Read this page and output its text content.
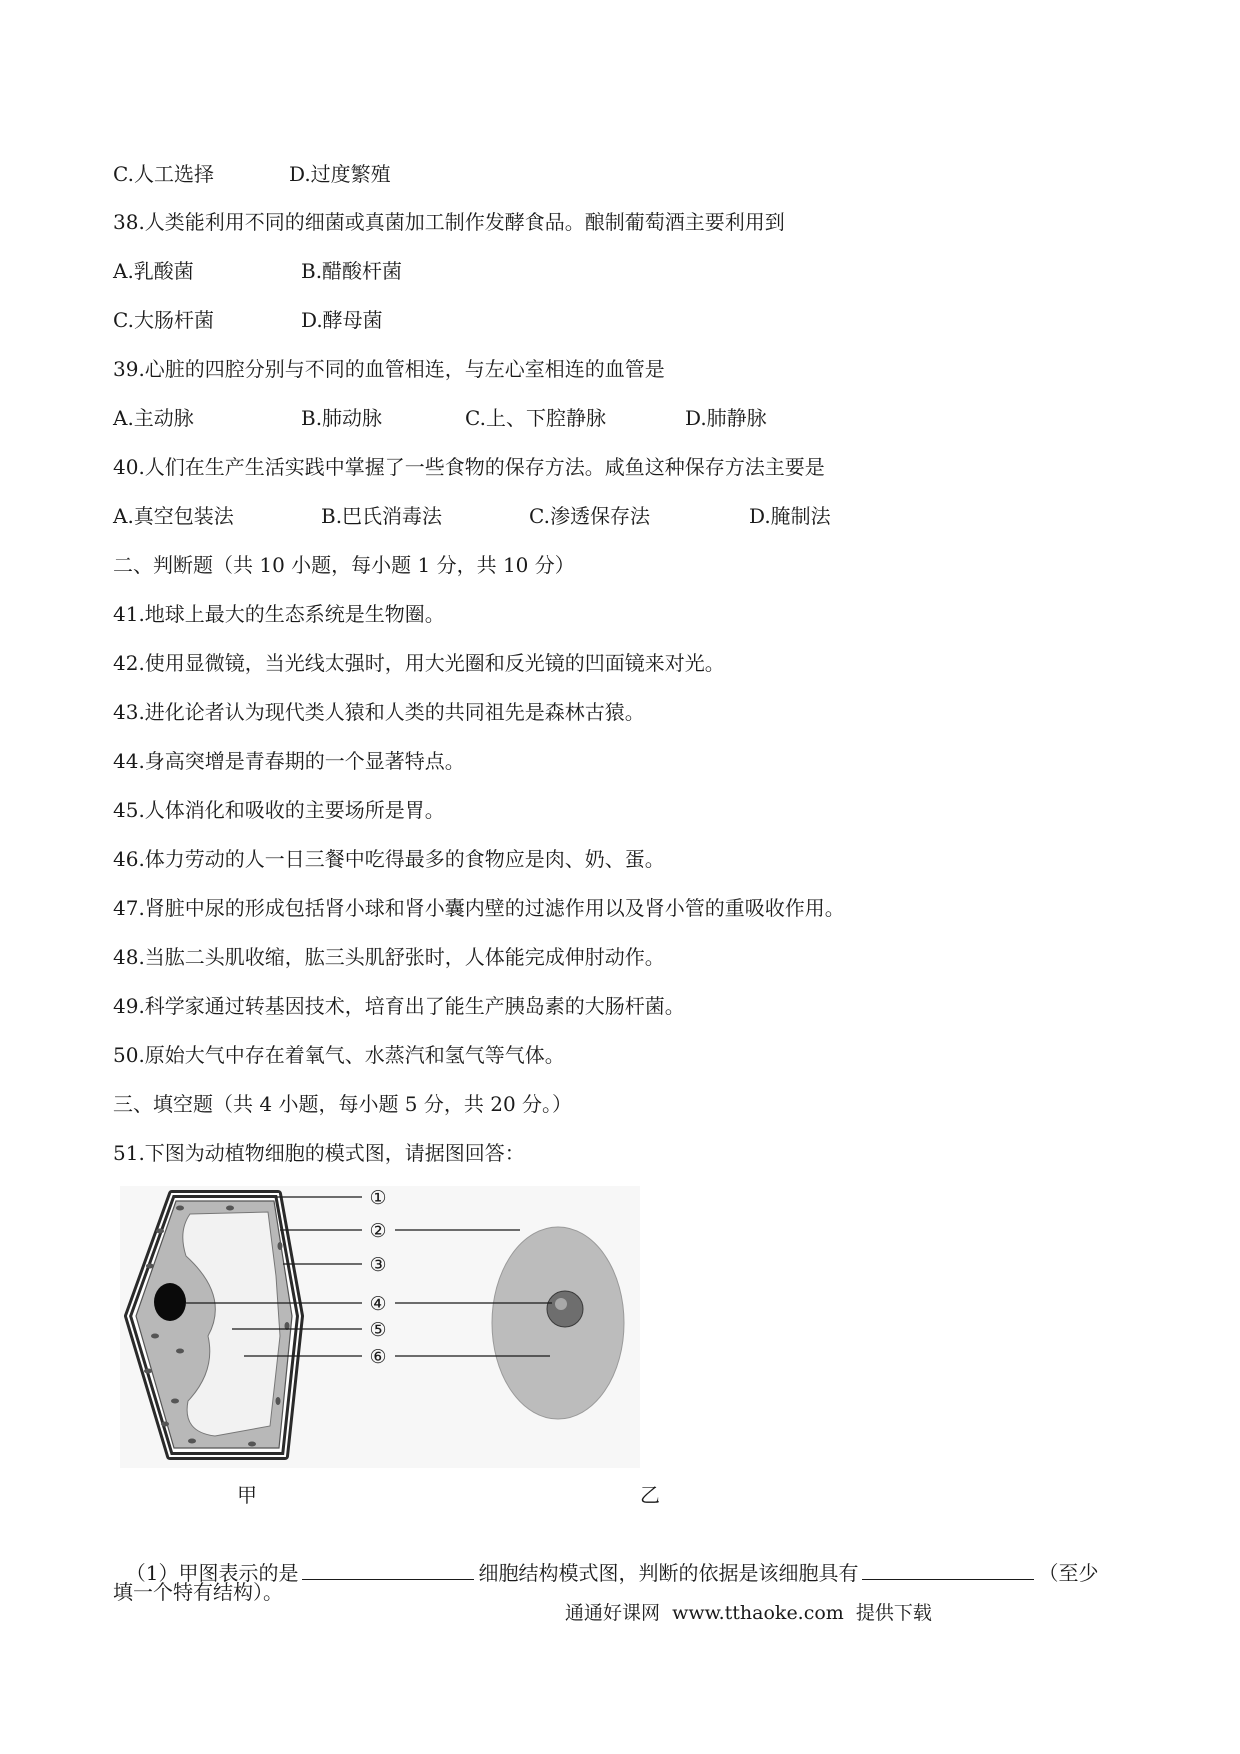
C.人工选择

	D.过度繁殖

38.人类能利用不同的细菌或真菌加工制作发酵食品。酿制葡萄酒主要利用到

A.乳酸菌

	B.醋酸杆菌

C.大肠杆菌

	D.酵母菌

39.心脏的四腔分别与不同的血管相连，与左心室相连的血管是

A.主动脉

	B.肺动脉

	C.上、下腔静脉

	D.肺静脉

40.人们在生产生活实践中掌握了一些食物的保存方法。咸鱼这种保存方法主要是

A.真空包装法

	B.巴氏消毒法

	C.渗透保存法

	D.腌制法

二、判断题（共 10 小题，每小题 1 分，共 10 分）
41.地球上最大的生态系统是生物圈。
42.使用显微镜，当光线太强时，用大光圈和反光镜的凹面镜来对光。
43.进化论者认为现代类人猿和人类的共同祖先是森林古猿。
44.身高突增是青春期的一个显著特点。
45.人体消化和吸收的主要场所是胃。
46.体力劳动的人一日三餐中吃得最多的食物应是肉、奶、蛋。
47.肾脏中尿的形成包括肾小球和肾小囊内壁的过滤作用以及肾小管的重吸收作用。
48.当肱二头肌收缩，肱三头肌舒张时，人体能完成伸肘动作。
49.科学家通过转基因技术，培育出了能生产胰岛素的大肠杆菌。
50.原始大气中存在着氧气、水蒸汽和氢气等气体。
三、填空题（共 4 小题，每小题 5 分，共 20 分。）
51.下图为动植物细胞的模式图，请据图回答：
①
②
③
④
⑤
⑥
甲	乙

（1）甲图表示的是	细胞结构模式图，判断的依据是该细胞具有	（至少

填一个特有结构）。
通通好课网  www.tthaoke.com  提供下载
